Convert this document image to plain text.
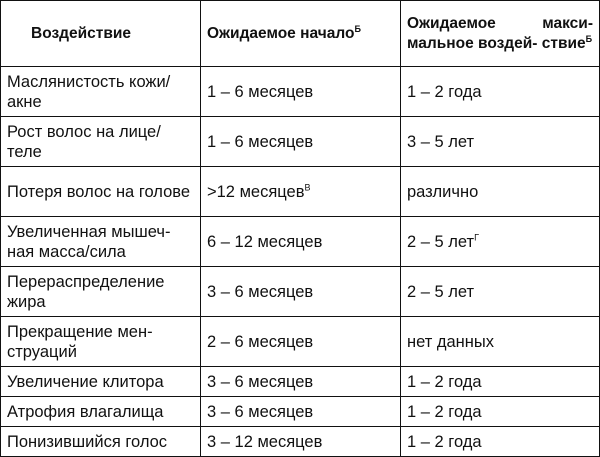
Воздействие	Ожидаемое начало$^Б$	Ожидаемое макси- мальное воздей- ствие$^Б$
Маслянистость кожи/ акне	1 – 6 месяцев	1 – 2 года
Рост волос на лице/ теле	1 – 6 месяцев	3 – 5 лет
Потеря волос на голове	>12 месяцев$^В$	различно
Увеличенная мышеч- ная масса/сила	6 – 12 месяцев	2 – 5 лет$^Г$
Перераспределение жира	3 – 6 месяцев	2 – 5 лет
Прекращение мен- струаций	2 – 6 месяцев	нет данных
Увеличение клитора	3 – 6 месяцев	1 – 2 года
Атрофия влагалища	3 – 6 месяцев	1 – 2 года
Понизившийся голос	3 – 12 месяцев	1 – 2 года
